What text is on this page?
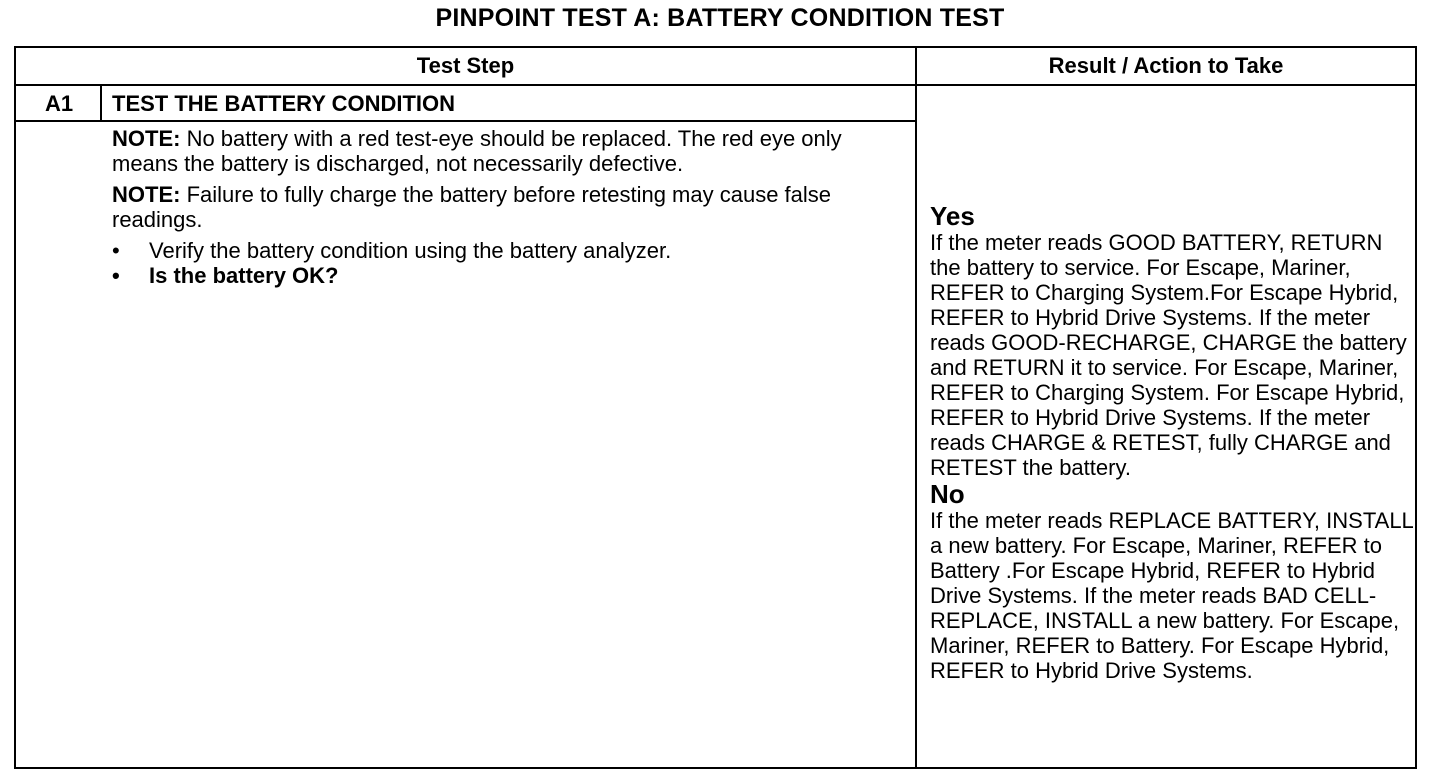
PINPOINT TEST A: BATTERY CONDITION TEST
Test Step	Result / Action to Take
A1	TEST THE BATTERY CONDITION

NOTE: No battery with a red test-eye should be replaced. The red eye only means the battery is discharged, not necessarily defective.

NOTE: Failure to fully charge the battery before retesting may cause false readings.

• Verify the battery condition using the battery analyzer.
• Is the battery OK?
Yes

If the meter reads GOOD BATTERY, RETURN the battery to service. For Escape, Mariner, REFER to Charging System.For Escape Hybrid, REFER to Hybrid Drive Systems. If the meter reads GOOD-RECHARGE, CHARGE the battery and RETURN it to service. For Escape, Mariner, REFER to Charging System. For Escape Hybrid, REFER to Hybrid Drive Systems. If the meter reads CHARGE & RETEST, fully CHARGE and RETEST the battery.

No

If the meter reads REPLACE BATTERY, INSTALL a new battery. For Escape, Mariner, REFER to Battery .For Escape Hybrid, REFER to Hybrid Drive Systems. If the meter reads BAD CELL-REPLACE, INSTALL a new battery. For Escape, Mariner, REFER to Battery. For Escape Hybrid, REFER to Hybrid Drive Systems.
